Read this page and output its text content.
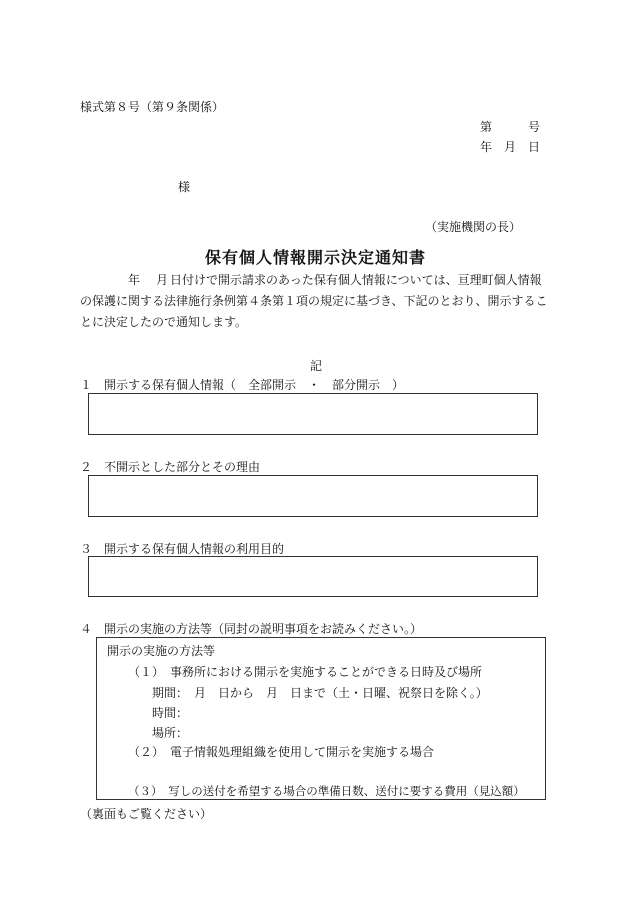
様式第８号（第９条関係）
第　　　号
年　月　日
様
（実施機関の長）
保有個人情報開示決定通知書
年　月日付けで開示請求のあった保有個人情報については、亘理町個人情報の保護に関する法律施行条例第４条第１項の規定に基づき、下記のとおり、開示することに決定したので通知します。
記
１　開示する保有個人情報（　全部開示　・　部分開示　）
２　不開示とした部分とその理由
３　開示する保有個人情報の利用目的
４　開示の実施の方法等（同封の説明事項をお読みください。）
開示の実施の方法等
（１）　事務所における開示を実施することができる日時及び場所
期間：　月　日から　月　日まで（土・日曜、祝祭日を除く。）
時間：
場所：
（２）　電子情報処理組織を使用して開示を実施する場合
（３）　写しの送付を希望する場合の準備日数、送付に要する費用（見込額）
（裏面もご覧ください）
